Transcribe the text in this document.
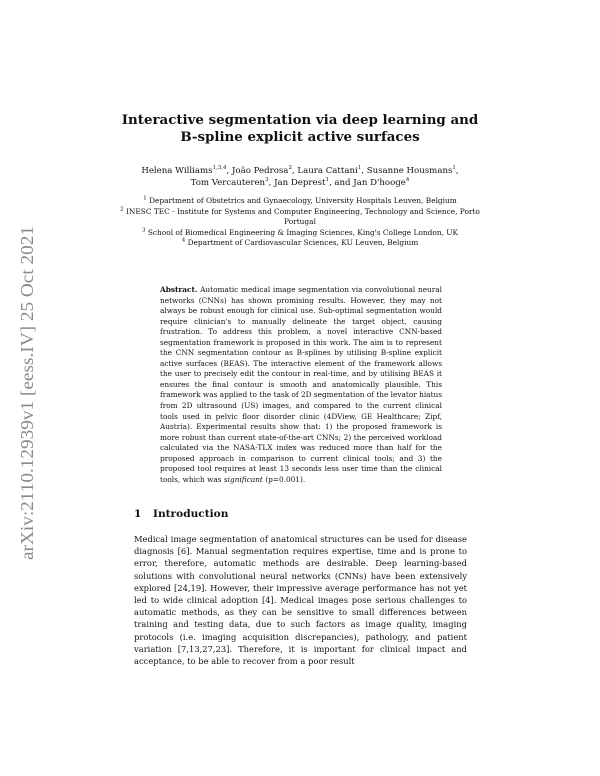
arXiv:2110.12939v1 [eess.IV] 25 Oct 2021
Interactive segmentation via deep learning and
B-spline explicit active surfaces
Helena Williams$^{1,3,4}$, João Pedrosa$^2$, Laura Cattani$^1$, Susanne Housmans$^1$,
Tom Vercauteren$^3$, Jan Deprest$^1$, and Jan D'hooge$^4$
$^1$ Department of Obstetrics and Gynaecology, University Hospitals Leuven, Belgium
$^2$ INESC TEC - Institute for Systems and Computer Engineering, Technology and Science, Porto Portugal
$^3$ School of Biomedical Engineering & Imaging Sciences, King's College London, UK
$^4$ Department of Cardiovascular Sciences, KU Leuven, Belgium

Abstract. Automatic medical image segmentation via convolutional neural networks (CNNs) has shown promising results. However, they may not always be robust enough for clinical use. Sub-optimal segmentation would require clinician's to manually delineate the target object, causing frustration. To address this problem, a novel interactive CNN-based segmentation framework is proposed in this work. The aim is to represent the CNN segmentation contour as B-splines by utilising B-spline explicit active surfaces (BEAS). The interactive element of the framework allows the user to precisely edit the contour in real-time, and by utilising BEAS it ensures the final contour is smooth and anatomically plausible. This framework was applied to the task of 2D segmentation of the levator hiatus from 2D ultrasound (US) images, and compared to the current clinical tools used in pelvic floor disorder clinic (4DView, GE Healthcare; Zipf, Austria). Experimental results show that: 1) the proposed framework is more robust than current state-of-the-art CNNs; 2) the perceived workload calculated via the NASA-TLX index was reduced more than half for the proposed approach in comparison to current clinical tools; and 3) the proposed tool requires at least 13 seconds less user time than the clinical tools, which was significant (p=0.001).

1 Introduction

Medical image segmentation of anatomical structures can be used for disease diagnosis [6]. Manual segmentation requires expertise, time and is prone to error, therefore, automatic methods are desirable. Deep learning-based solutions with convolutional neural networks (CNNs) have been extensively explored [24,19]. However, their impressive average performance has not yet led to wide clinical adoption [4]. Medical images pose serious challenges to automatic methods, as they can be sensitive to small differences between training and testing data, due to such factors as image quality, imaging protocols (i.e. imaging acquisition discrepancies), pathology, and patient variation [7,13,27,23]. Therefore, it is important for clinical impact and acceptance, to be able to recover from a poor result
